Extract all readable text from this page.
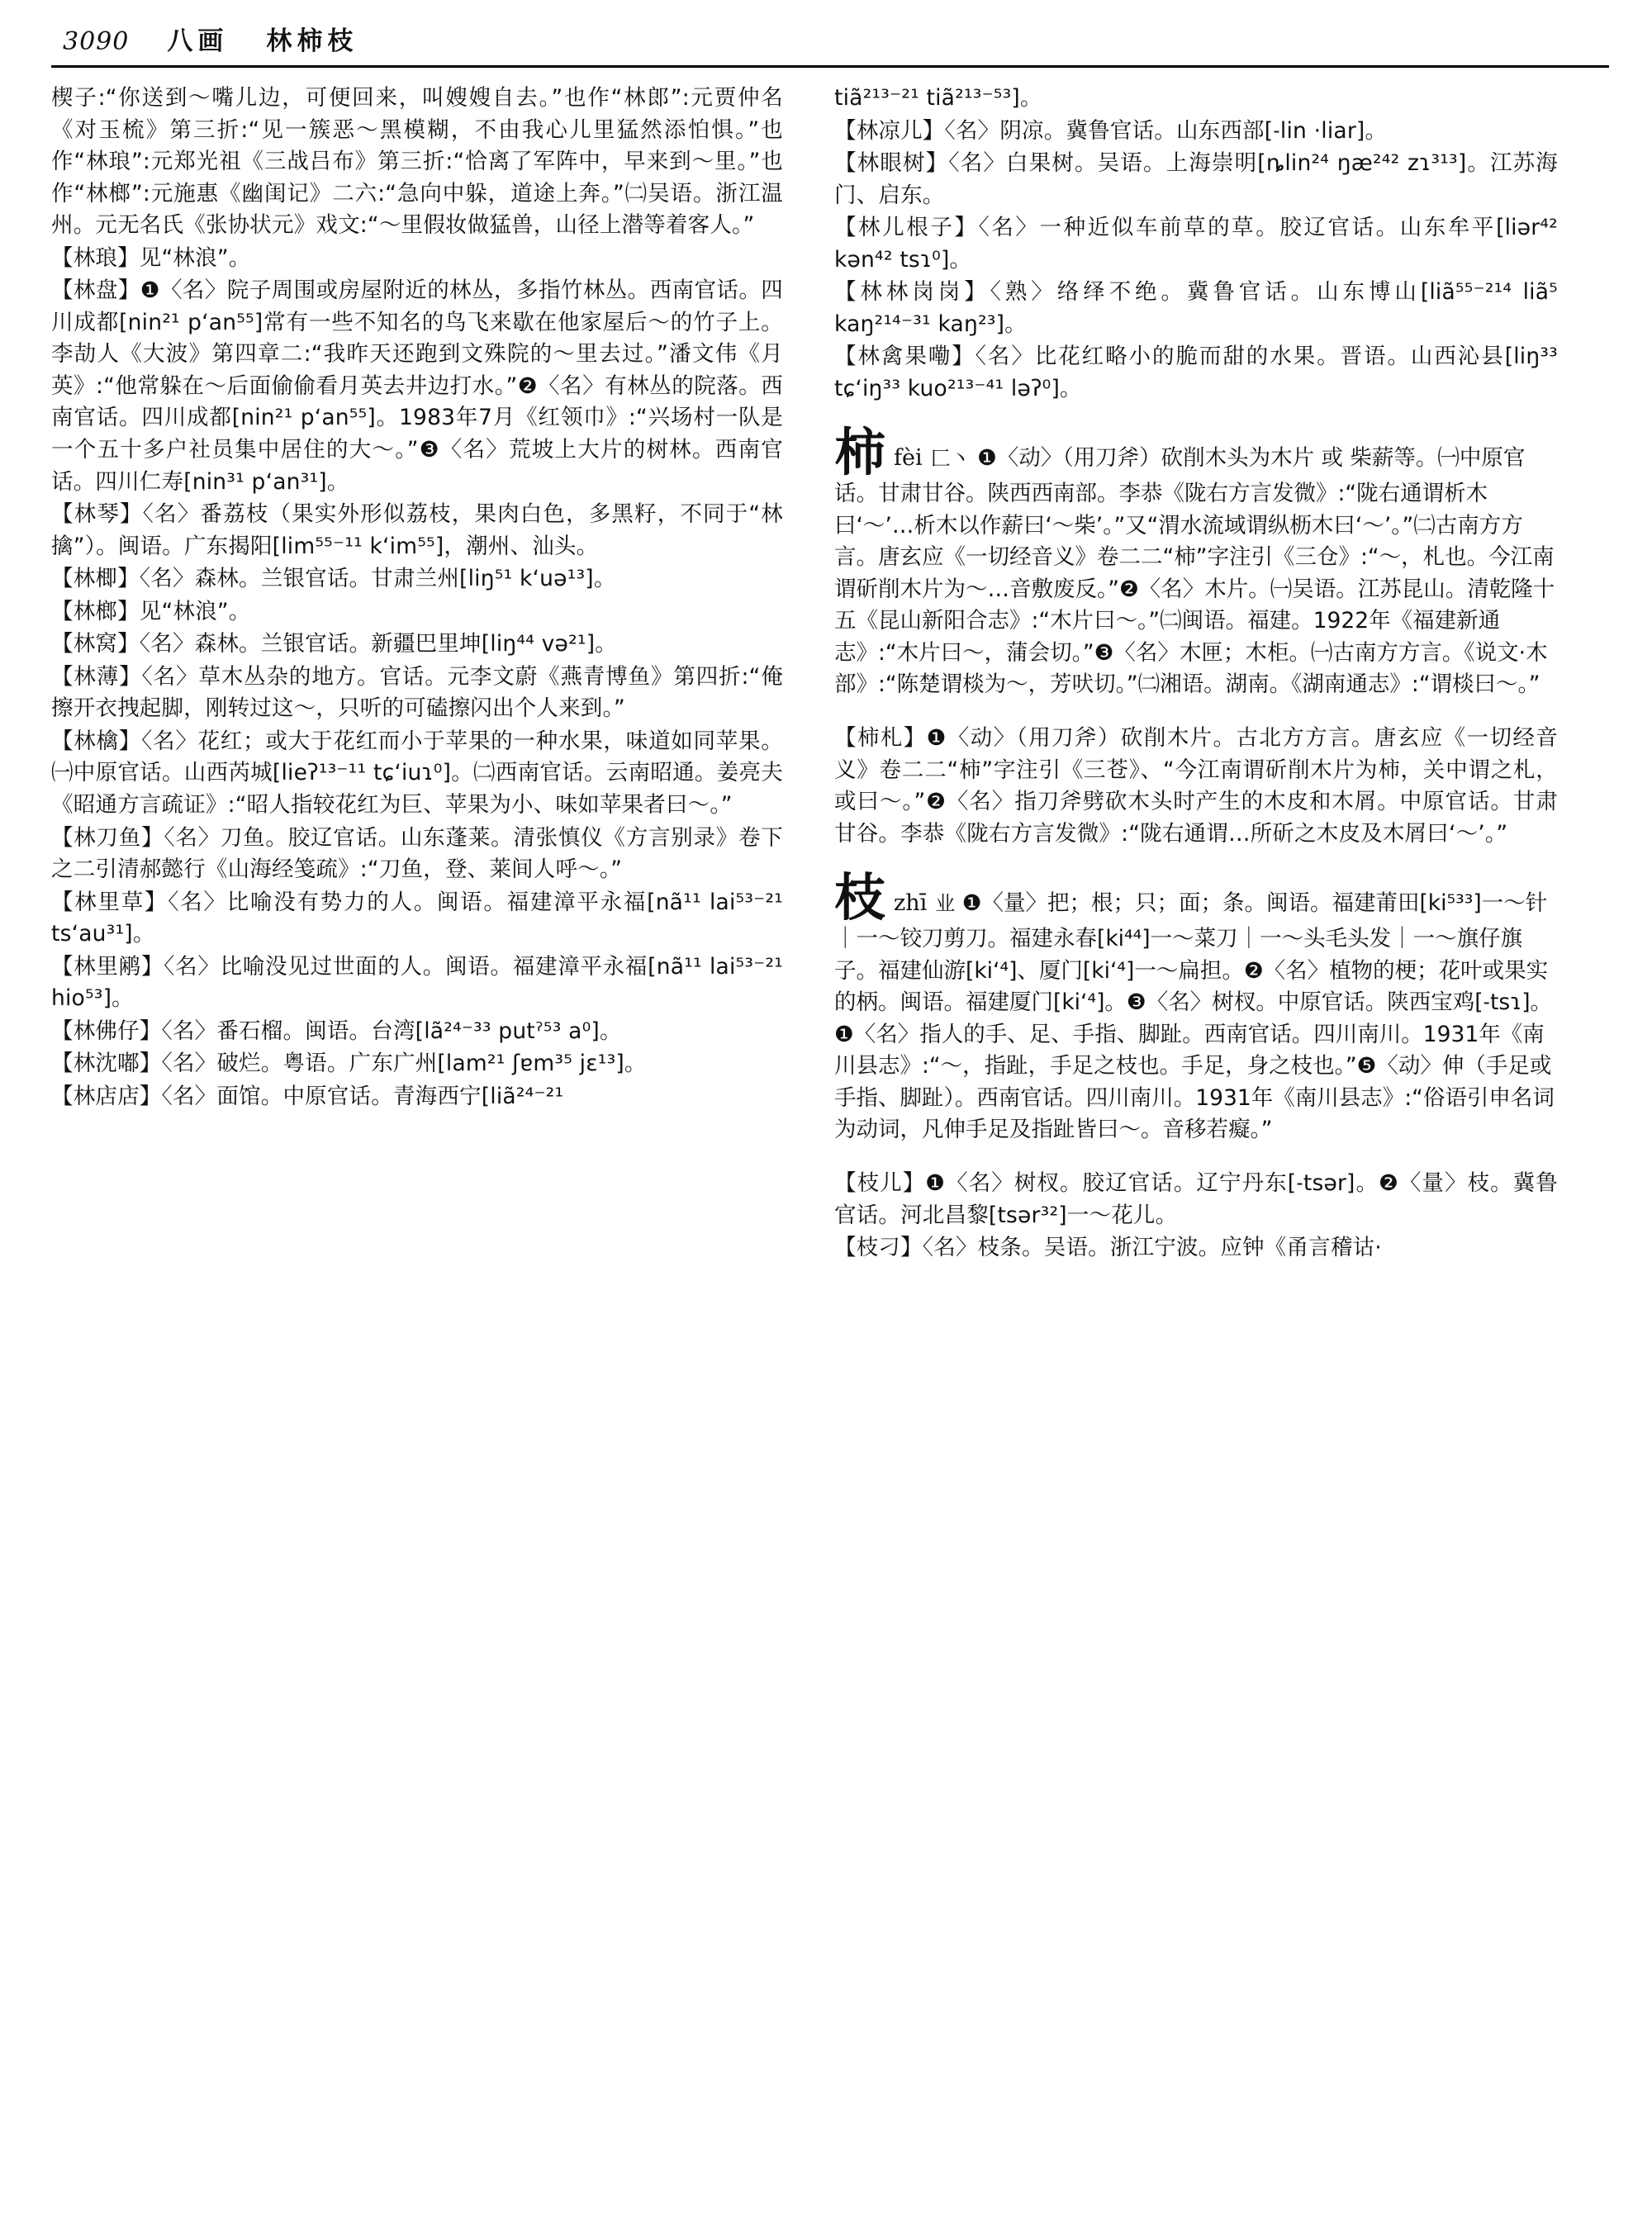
3090 八画 林柿枝

楔子:“你送到～嘴儿边，可便回来，叫嫂嫂自去。”也作“林郎”:元贾仲名《对玉梳》第三折:“见一簇恶～黑模糊，不由我心儿里猛然添怕惧。”也作“林琅”:元郑光祖《三战吕布》第三折:“恰离了军阵中，早来到～里。”也作“林榔”:元施惠《幽闺记》二六:“急向中躲，道途上奔。”㈡吴语。浙江温州。元无名氏《张协状元》戏文:“～里假妆做猛兽，山径上潜等着客人。”

【林琅】见“林浪”。

【林盘】❶〈名〉院子周围或房屋附近的林丛，多指竹林丛。西南官话。四川成都[nin²¹ pʻan⁵⁵]常有一些不知名的鸟飞来歇在他家屋后～的竹子上。李劼人《大波》第四章二:“我昨天还跑到文殊院的～里去过。”潘文伟《月英》:“他常躲在～后面偷偷看月英去井边打水。”❷〈名〉有林丛的院落。西南官话。四川成都[nin²¹ pʻan⁵⁵]。1983年7月《红领巾》:“兴场村一队是一个五十多户社员集中居住的大～。”❸〈名〉荒坡上大片的树林。西南官话。四川仁寿[nin³¹ pʻan³¹]。

【林琴】〈名〉番荔枝（果实外形似荔枝，果肉白色，多黑籽，不同于“林擒”）。闽语。广东揭阳[lim⁵⁵⁻¹¹ kʻim⁵⁵]，潮州、汕头。

【林楖】〈名〉森林。兰银官话。甘肃兰州[liŋ⁵¹ kʻuə¹³]。

【林榔】见“林浪”。

【林窝】〈名〉森林。兰银官话。新疆巴里坤[liŋ⁴⁴ və²¹]。

【林薄】〈名〉草木丛杂的地方。官话。元李文蔚《燕青博鱼》第四折:“俺擦开衣拽起脚，刚转过这～，只听的可磕擦闪出个人来到。”

【林檎】〈名〉花红；或大于花红而小于苹果的一种水果，味道如同苹果。㈠中原官话。山西芮城[lieʔ¹³⁻¹¹ tɕʻiuɿ⁰]。㈡西南官话。云南昭通。姜亮夫《昭通方言疏证》:“昭人指较花红为巨、苹果为小、味如苹果者曰～。”

【林刀鱼】〈名〉刀鱼。胶辽官话。山东蓬莱。清张慎仪《方言别录》卷下之二引清郝懿行《山海经笺疏》:“刀鱼，登、莱间人呼～。”

【林里草】〈名〉比喻没有势力的人。闽语。福建漳平永福[nã¹¹ lai⁵³⁻²¹ tsʻau³¹]。

【林里鹇】〈名〉比喻没见过世面的人。闽语。福建漳平永福[nã¹¹ lai⁵³⁻²¹ hio⁵³]。

【林佛仔】〈名〉番石榴。闽语。台湾[lã²⁴⁻³³ putˀ⁵³ a⁰]。

【林沈嘟】〈名〉破烂。粤语。广东广州[lam²¹ ʃɐm³⁵ jɛ¹³]。

【林店店】〈名〉面馆。中原官话。青海西宁[liã²⁴⁻²¹

tiã²¹³⁻²¹ tiã²¹³⁻⁵³]。

【林凉儿】〈名〉阴凉。冀鲁官话。山东西部[˗lin ·liar]。

【林眼树】〈名〉白果树。吴语。上海崇明[ȵlin²⁴ ŋæ²⁴² zɿ³¹³]。江苏海门、启东。

【林儿根子】〈名〉一种近似车前草的草。胶辽官话。山东牟平[liər⁴² kən⁴² tsɿ⁰]。

【林林岗岗】〈熟〉络绎不绝。冀鲁官话。山东博山[liã⁵⁵⁻²¹⁴ liã⁵ kaŋ²¹⁴⁻³¹ kaŋ²³]。

【林禽果嘞】〈名〉比花红略小的脆而甜的水果。晋语。山西沁县[liŋ³³ tɕʻiŋ³³ kuo²¹³⁻⁴¹ ləʔ⁰]。

柿fèi 匚丶 ❶〈动〉（用刀斧）砍削木头为木片 或 柴薪等。㈠中原官话。甘肃甘谷。陕西西南部。李恭《陇右方言发微》:“陇右通谓析木曰‘～’…析木以作薪曰‘～柴’。”又“渭水流域谓纵枥木曰‘～’。”㈡古南方方言。唐玄应《一切经音义》卷二二“柿”字注引《三仓》:“～，札也。今江南谓斫削木片为～…音敷废反。”❷〈名〉木片。㈠吴语。江苏昆山。清乾隆十五《昆山新阳合志》:“木片曰～。”㈡闽语。福建。1922年《福建新通志》:“木片曰～，蒲会切。”❸〈名〉木匣；木柜。㈠古南方方言。《说文·木部》:“陈楚谓棪为～，芳吠切。”㈡湘语。湖南。《湖南通志》:“谓棪曰～。”

【柿札】❶〈动〉（用刀斧）砍削木片。古北方方言。唐玄应《一切经音义》卷二二“柿”字注引《三苍》、“今江南谓斫削木片为柿，关中谓之札，或曰～。”❷〈名〉指刀斧劈砍木头时产生的木皮和木屑。中原官话。甘肃甘谷。李恭《陇右方言发微》:“陇右通谓…所斫之木皮及木屑曰‘～’。”

枝zhī 业 ❶〈量〉把；根；只；面；条。闽语。福建莆田[ki⁵³³]一～针｜一～铰刀剪刀。福建永春[ki⁴⁴]一～菜刀｜一～头毛头发｜一～旗仔旗子。福建仙游[kiʻ⁴]、厦门[kiʻ⁴]一～扁担。❷〈名〉植物的梗；花叶或果实的柄。闽语。福建厦门[kiʻ⁴]。❸〈名〉树杈。中原官话。陕西宝鸡[˗tsɿ]。❶〈名〉指人的手、足、手指、脚趾。西南官话。四川南川。1931年《南川县志》:“～，指趾，手足之枝也。手足，身之枝也。”❺〈动〉伸（手足或手指、脚趾）。西南官话。四川南川。1931年《南川县志》:“俗语引申名词为动词，凡伸手足及指趾皆曰～。音移若癡。”

【枝儿】❶〈名〉树杈。胶辽官话。辽宁丹东[˗tsər]。❷〈量〉枝。冀鲁官话。河北昌黎[tsər³²]一～花儿。

【枝刁】〈名〉枝条。吴语。浙江宁波。应钟《甬言稽诂·
